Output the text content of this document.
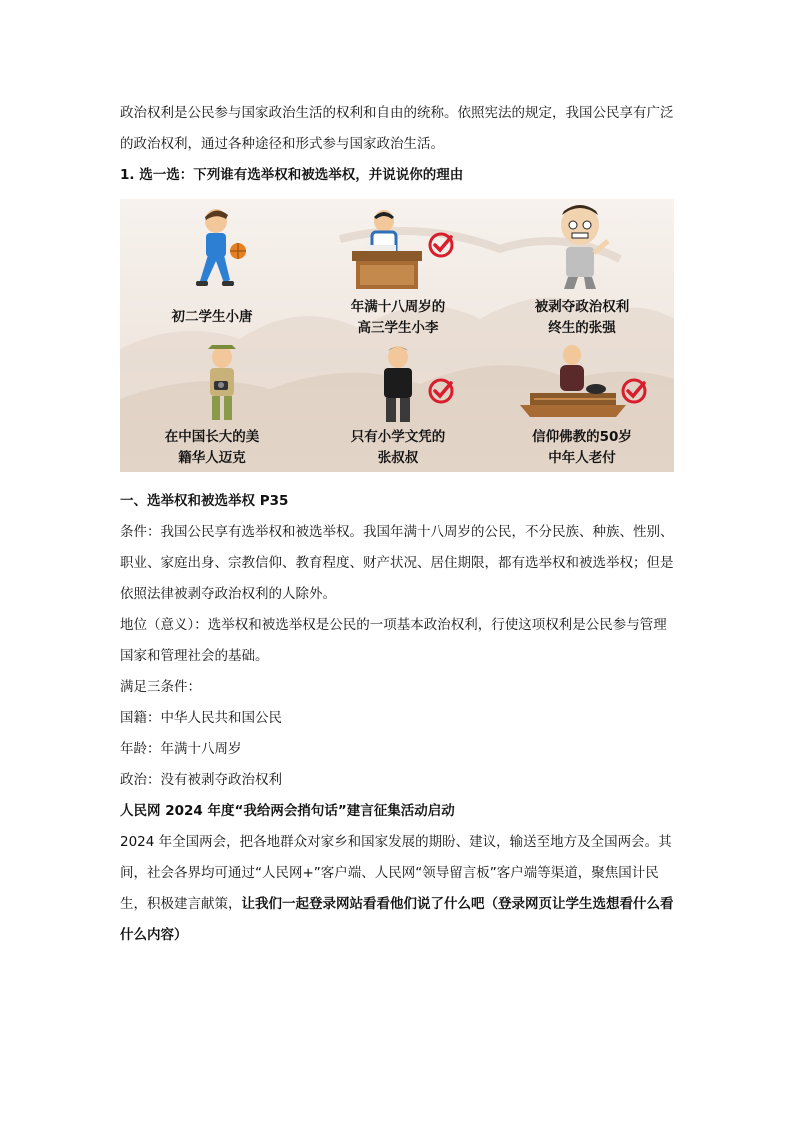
政治权利是公民参与国家政治生活的权利和自由的统称。依照宪法的规定，我国公民享有广泛的政治权利，通过各种途径和形式参与国家政治生活。

1. 选一选：下列谁有选举权和被选举权，并说说你的理由

初二学生小唐
年满十八周岁的
高三学生小李
被剥夺政治权利
终生的张强
在中国长大的美
籍华人迈克
只有小学文凭的
张叔叔
信仰佛教的50岁
中年人老付

一、选举权和被选举权 P35

条件：我国公民享有选举权和被选举权。我国年满十八周岁的公民，不分民族、种族、性别、职业、家庭出身、宗教信仰、教育程度、财产状况、居住期限，都有选举权和被选举权；但是依照法律被剥夺政治权利的人除外。

地位（意义）：选举权和被选举权是公民的一项基本政治权利，行使这项权利是公民参与管理国家和管理社会的基础。

满足三条件：

国籍：中华人民共和国公民

年龄：年满十八周岁

政治：没有被剥夺政治权利

人民网 2024 年度“我给两会捎句话”建言征集活动启动

2024 年全国两会，把各地群众对家乡和国家发展的期盼、建议，输送至地方及全国两会。其间，社会各界均可通过“人民网+”客户端、人民网“领导留言板”客户端等渠道，聚焦国计民生，积极建言献策，让我们一起登录网站看看他们说了什么吧（登录网页让学生选想看什么看什么内容）
